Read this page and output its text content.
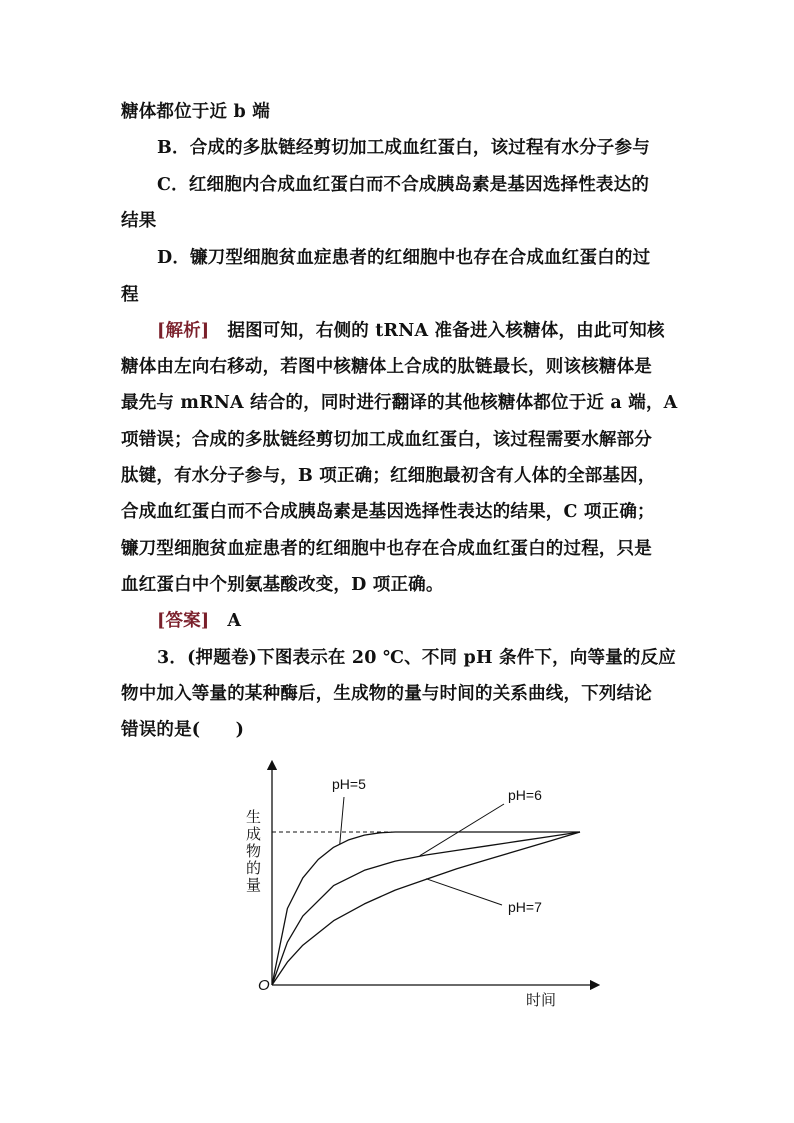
糖体都位于近 b 端
B．合成的多肽链经剪切加工成血红蛋白，该过程有水分子参与
C．红细胞内合成血红蛋白而不合成胰岛素是基因选择性表达的
结果
D．镰刀型细胞贫血症患者的红细胞中也存在合成血红蛋白的过
程
[解析] 据图可知，右侧的 tRNA 准备进入核糖体，由此可知核
糖体由左向右移动，若图中核糖体上合成的肽链最长，则该核糖体是
最先与 mRNA 结合的，同时进行翻译的其他核糖体都位于近 a 端，A
项错误；合成的多肽链经剪切加工成血红蛋白，该过程需要水解部分
肽键，有水分子参与，B 项正确；红细胞最初含有人体的全部基因，
合成血红蛋白而不合成胰岛素是基因选择性表达的结果，C 项正确；
镰刀型细胞贫血症患者的红细胞中也存在合成血红蛋白的过程，只是
血红蛋白中个别氨基酸改变，D 项正确。
[答案] A
3．(押题卷)下图表示在 20 ℃、不同 pH 条件下，向等量的反应
物中加入等量的某种酶后，生成物的量与时间的关系曲线，下列结论
错误的是(　　)
pH=5
pH=6
pH=7
O
生
成
物
的
量
时间
